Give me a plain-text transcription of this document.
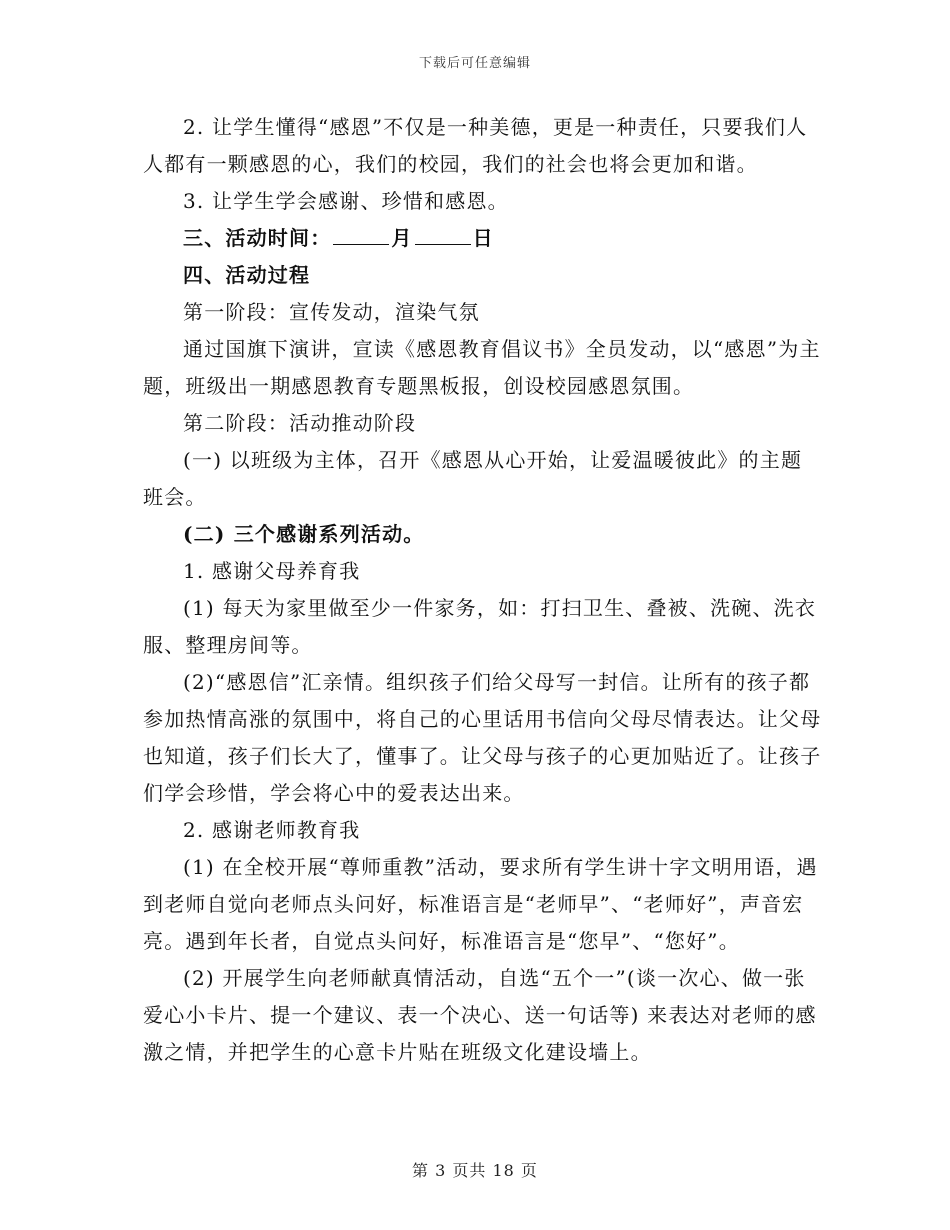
下载后可任意编辑

2. 让学生懂得“感恩”不仅是一种美德，更是一种责任，只要我们人人都有一颗感恩的心，我们的校园，我们的社会也将会更加和谐。

3. 让学生学会感谢、珍惜和感恩。

三、活动时间：	月	日

四、活动过程

第一阶段：宣传发动，渲染气氛

通过国旗下演讲，宣读《感恩教育倡议书》全员发动，以“感恩”为主题，班级出一期感恩教育专题黑板报，创设校园感恩氛围。

第二阶段：活动推动阶段

(一) 以班级为主体，召开《感恩从心开始，让爱温暖彼此》的主题班会。

(二) 三个感谢系列活动。

1. 感谢父母养育我

(1) 每天为家里做至少一件家务，如：打扫卫生、叠被、洗碗、洗衣服、整理房间等。

(2)“感恩信”汇亲情。组织孩子们给父母写一封信。让所有的孩子都参加热情高涨的氛围中，将自己的心里话用书信向父母尽情表达。让父母也知道，孩子们长大了，懂事了。让父母与孩子的心更加贴近了。让孩子们学会珍惜，学会将心中的爱表达出来。

2. 感谢老师教育我

(1) 在全校开展“尊师重教”活动，要求所有学生讲十字文明用语，遇到老师自觉向老师点头问好，标准语言是“老师早”、“老师好”，声音宏亮。遇到年长者，自觉点头问好，标准语言是“您早”、“您好”。

(2) 开展学生向老师献真情活动，自选“五个一”(谈一次心、做一张爱心小卡片、提一个建议、表一个决心、送一句话等) 来表达对老师的感激之情，并把学生的心意卡片贴在班级文化建设墙上。

第 3 页共 18 页
